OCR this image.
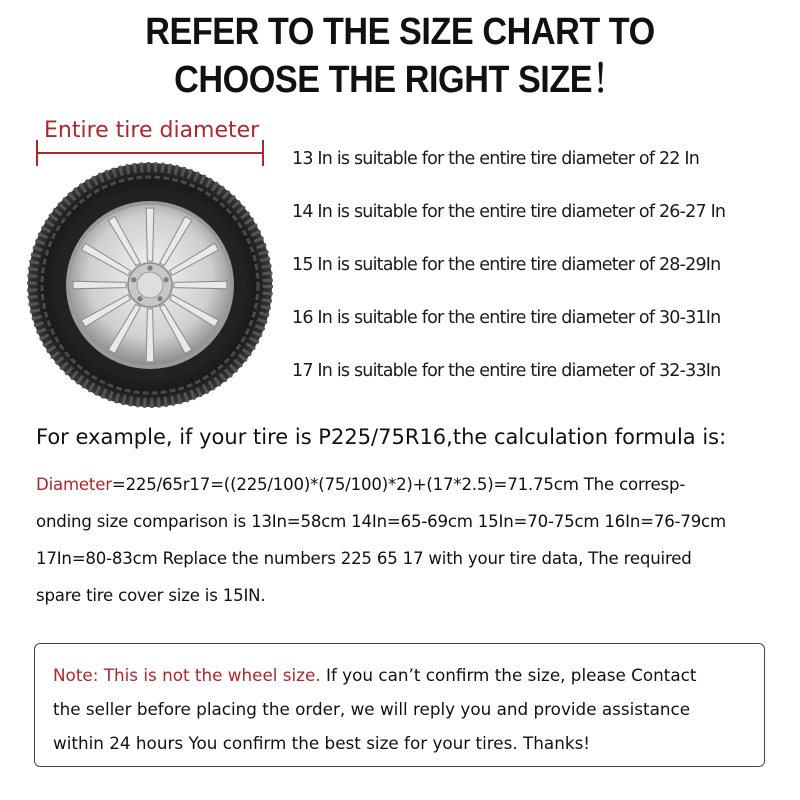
REFER TO THE SIZE CHART TO
CHOOSE THE RIGHT SIZE！
Entire tire diameter
13 In is suitable for the entire tire diameter of 22 In
14 In is suitable for the entire tire diameter of 26-27 In
15 In is suitable for the entire tire diameter of 28-29In
16 In is suitable for the entire tire diameter of 30-31In
17 In is suitable for the entire tire diameter of 32-33In
For example, if your tire is P225/75R16,the calculation formula is:
Diameter=225/65r17=((225/100)*(75/100)*2)+(17*2.5)=71.75cm The corresp-
onding size comparison is 13In=58cm 14In=65-69cm 15In=70-75cm 16In=76-79cm
17In=80-83cm Replace the numbers 225 65 17 with your tire data, The required
spare tire cover size is 15IN.
Note: This is not the wheel size. If you can’t confirm the size, please Contact
the seller before placing the order, we will reply you and provide assistance
within 24 hours You confirm the best size for your tires. Thanks!
